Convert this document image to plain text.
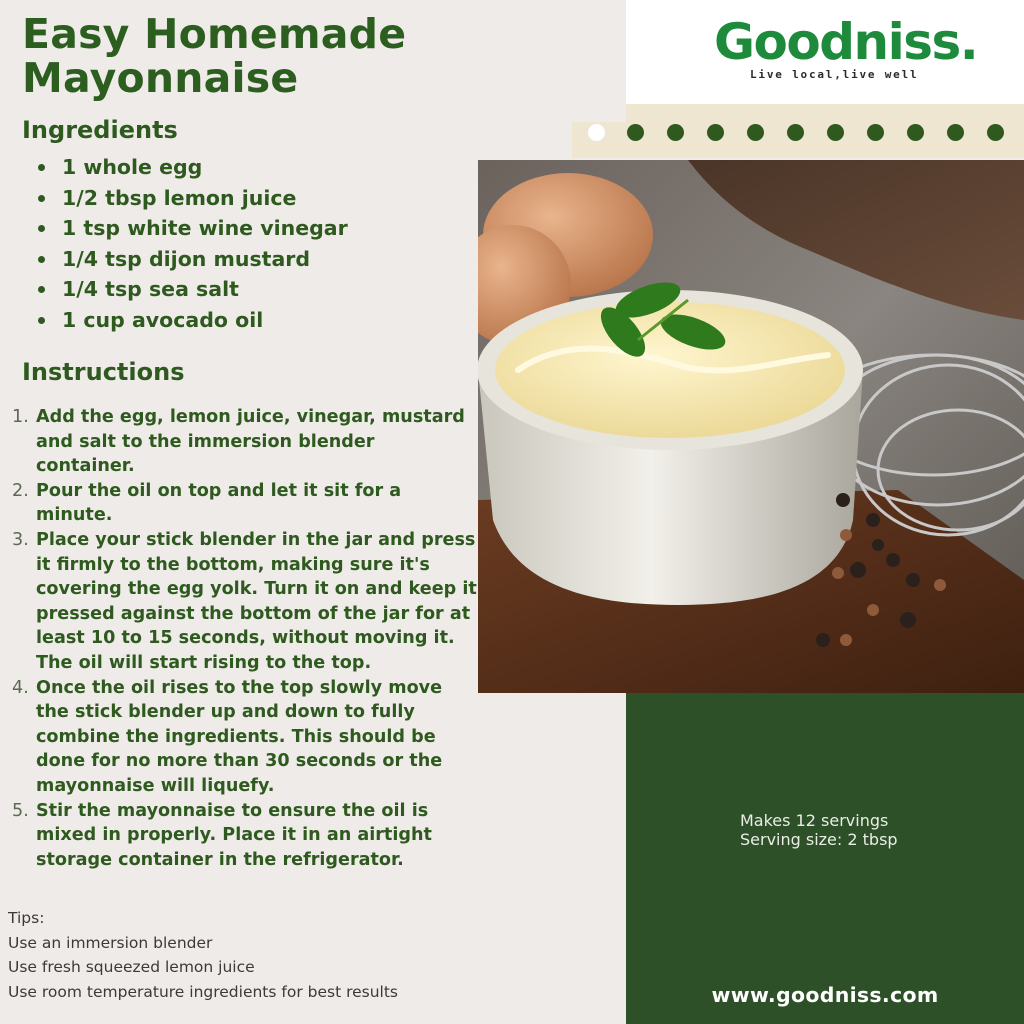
Easy Homemade Mayonnaise
Ingredients
1 whole egg
1/2 tbsp lemon juice
1 tsp white wine vinegar
1/4 tsp dijon mustard
1/4 tsp sea salt
1 cup avocado oil
Instructions
1. Add the egg, lemon juice, vinegar, mustard and salt to the immersion blender container.
2. Pour the oil on top and let it sit for a minute.
3. Place your stick blender in the jar and press it firmly to the bottom, making sure it's covering the egg yolk. Turn it on and keep it pressed against the bottom of the jar for at least 10 to 15 seconds, without moving it. The oil will start rising to the top.
4. Once the oil rises to the top slowly move the stick blender up and down to fully combine the ingredients. This should be done for no more than 30 seconds or the mayonnaise will liquefy.
5. Stir the mayonnaise to ensure the oil is mixed in properly. Place it in an airtight storage container in the refrigerator.
Tips:
Use an immersion blender
Use fresh squeezed lemon juice
Use room temperature ingredients for best results
Goodniss.
Live local,live well
Makes 12 servings
Serving size: 2 tbsp
www.goodniss.com
